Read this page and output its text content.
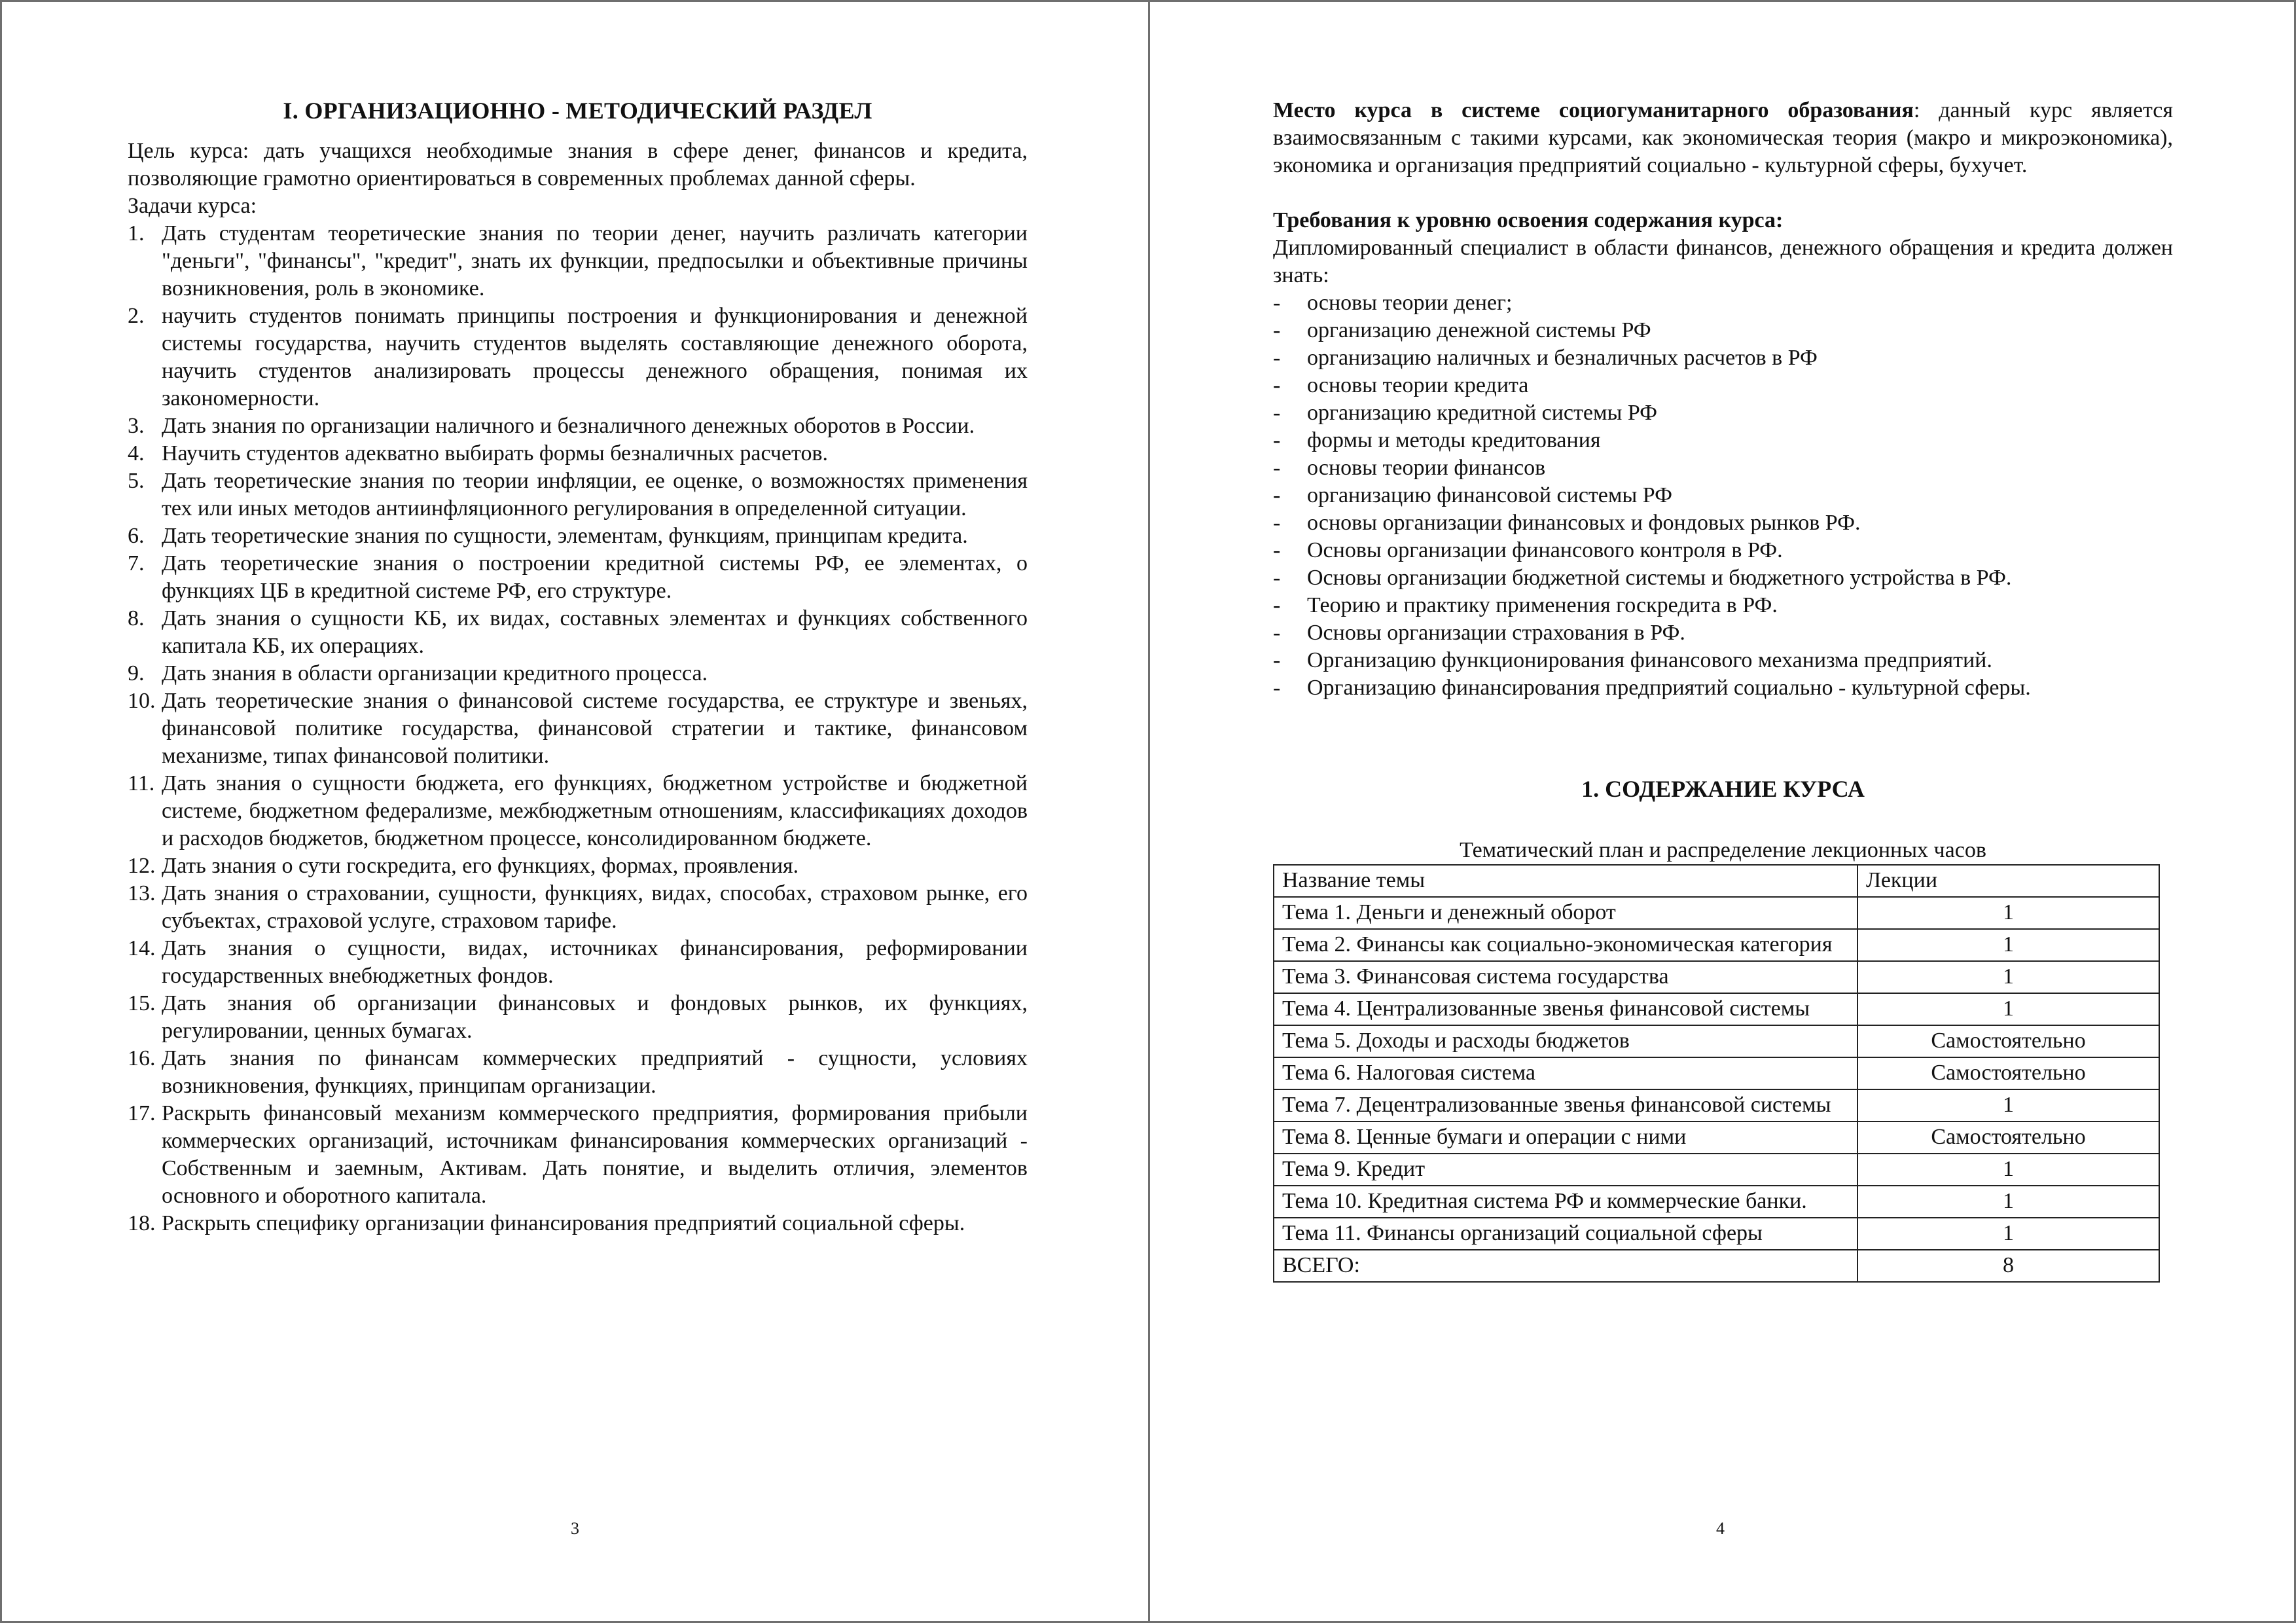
I. ОРГАНИЗАЦИОННО - МЕТОДИЧЕСКИЙ РАЗДЕЛ

Цель курса: дать учащихся необходимые знания в сфере денег, финансов и кредита, позволяющие грамотно ориентироваться в современных проблемах данной сферы.

Задачи курса:

1. Дать студентам теоретические знания по теории денег, научить различать категории "деньги", "финансы", "кредит", знать их функции, предпосылки и объективные причины возникновения, роль в экономике.
2. научить студентов понимать принципы построения и функционирования и денежной системы государства, научить студентов выделять составляющие денежного оборота, научить студентов анализировать процессы денежного обращения, понимая их закономерности.
3. Дать знания по организации наличного и безналичного денежных оборотов в России.
4. Научить студентов адекватно выбирать формы безналичных расчетов.
5. Дать теоретические знания по теории инфляции, ее оценке, о возможностях применения тех или иных методов антиинфляционного регулирования в определенной ситуации.
6. Дать теоретические знания по сущности, элементам, функциям, принципам кредита.
7. Дать теоретические знания о построении кредитной системы РФ, ее элементах, о функциях ЦБ в кредитной системе РФ, его структуре.
8. Дать знания о сущности КБ, их видах, составных элементах и функциях собственного капитала КБ, их операциях.
9. Дать знания в области организации кредитного процесса.
10. Дать теоретические знания о финансовой системе государства, ее структуре и звеньях, финансовой политике государства, финансовой стратегии и тактике, финансовом механизме, типах финансовой политики.
11. Дать знания о сущности бюджета, его функциях, бюджетном устройстве и бюджетной системе, бюджетном федерализме, межбюджетным отношениям, классификациях доходов и расходов бюджетов, бюджетном процессе, консолидированном бюджете.
12. Дать знания о сути госкредита, его функциях, формах, проявления.
13. Дать знания о страховании, сущности, функциях, видах, способах, страховом рынке, его субъектах, страховой услуге, страховом тарифе.
14. Дать знания о сущности, видах, источниках финансирования, реформировании государственных внебюджетных фондов.
15. Дать знания об организации финансовых и фондовых рынков, их функциях, регулировании, ценных бумагах.
16. Дать знания по финансам коммерческих предприятий - сущности, условиях возникновения, функциях, принципам организации.
17. Раскрыть финансовый механизм коммерческого предприятия, формирования прибыли коммерческих организаций, источникам финансирования коммерческих организаций - Собственным и заемным, Активам. Дать понятие, и выделить отличия, элементов основного и оборотного капитала.
18. Раскрыть специфику организации финансирования предприятий социальной сферы.
3

Место курса в системе социогуманитарного образования: данный курс является взаимосвязанным с такими курсами, как экономическая теория (макро и микроэкономика), экономика и организация предприятий социально - культурной сферы, бухучет.

Требования к уровню освоения содержания курса:

Дипломированный специалист в области финансов, денежного обращения и кредита должен знать:

- основы теории денег;
- организацию денежной системы РФ
- организацию наличных и безналичных расчетов в РФ
- основы теории кредита
- организацию кредитной системы РФ
- формы и методы кредитования
- основы теории финансов
- организацию финансовой системы РФ
- основы организации финансовых и фондовых рынков РФ.
- Основы организации финансового контроля в РФ.
- Основы организации бюджетной системы и бюджетного устройства в РФ.
- Теорию и практику применения госкредита в РФ.
- Основы организации страхования в РФ.
- Организацию функционирования финансового механизма предприятий.
- Организацию финансирования предприятий социально - культурной сферы.
1. СОДЕРЖАНИЕ КУРСА
Тематический план и распределение лекционных часов
Название темы	Лекции
Тема 1. Деньги и денежный оборот	1
Тема 2. Финансы как социально-экономическая категория	1
Тема 3. Финансовая система государства	1
Тема 4. Централизованные звенья финансовой системы	1
Тема 5. Доходы и расходы бюджетов	Самостоятельно
Тема 6. Налоговая система	Самостоятельно
Тема 7. Децентрализованные звенья финансовой системы	1
Тема 8. Ценные бумаги и операции с ними	Самостоятельно
Тема 9. Кредит	1
Тема 10. Кредитная система РФ и коммерческие банки.	1
Тема 11. Финансы организаций социальной сферы	1
ВСЕГО:	8
4
